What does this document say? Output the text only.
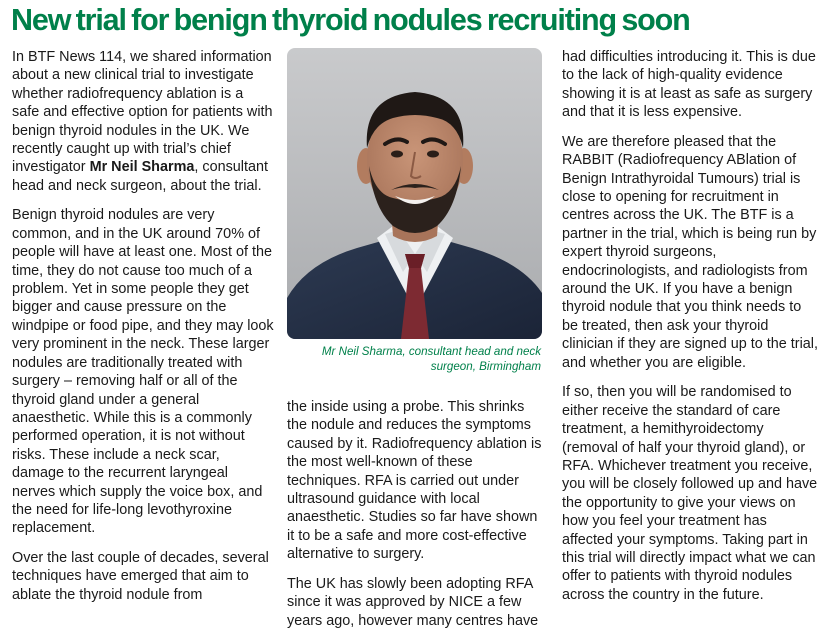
New trial for benign thyroid nodules recruiting soon

In BTF News 114, we shared information about a new clinical trial to investigate whether radiofrequency ablation is a safe and effective option for patients with benign thyroid nodules in the UK. We recently caught up with trial’s chief investigator Mr Neil Sharma, consultant head and neck surgeon, about the trial.

Benign thyroid nodules are very common, and in the UK around 70% of people will have at least one. Most of the time, they do not cause too much of a problem. Yet in some people they get bigger and cause pressure on the windpipe or food pipe, and they may look very prominent in the neck. These larger nodules are traditionally treated with surgery – removing half or all of the thyroid gland under a general anaesthetic. While this is a commonly performed operation, it is not without risks. These include a neck scar, damage to the recurrent laryngeal nerves which supply the voice box, and the need for life-long levothyroxine replacement.

Over the last couple of decades, several techniques have emerged that aim to ablate the thyroid nodule from

Mr Neil Sharma, consultant head and neck
surgeon, Birmingham

the inside using a probe. This shrinks the nodule and reduces the symptoms caused by it. Radiofrequency ablation is the most well-known of these techniques. RFA is carried out under ultrasound guidance with local anaesthetic. Studies so far have shown it to be a safe and more cost-effective alternative to surgery.

The UK has slowly been adopting RFA since it was approved by NICE a few years ago, however many centres have

had difficulties introducing it. This is due to the lack of high-quality evidence showing it is at least as safe as surgery and that it is less expensive.

We are therefore pleased that the RABBIT (Radiofrequency ABlation of Benign Intrathyroidal Tumours) trial is close to opening for recruitment in centres across the UK. The BTF is a partner in the trial, which is being run by expert thyroid surgeons, endocrinologists, and radiologists from around the UK. If you have a benign thyroid nodule that you think needs to be treated, then ask your thyroid clinician if they are signed up to the trial, and whether you are eligible.

If so, then you will be randomised to either receive the standard of care treatment, a hemithyroidectomy (removal of half your thyroid gland), or RFA. Whichever treatment you receive, you will be closely followed up and have the opportunity to give your views on how you feel your treatment has affected your symptoms. Taking part in this trial will directly impact what we can offer to patients with thyroid nodules across the country in the future.
